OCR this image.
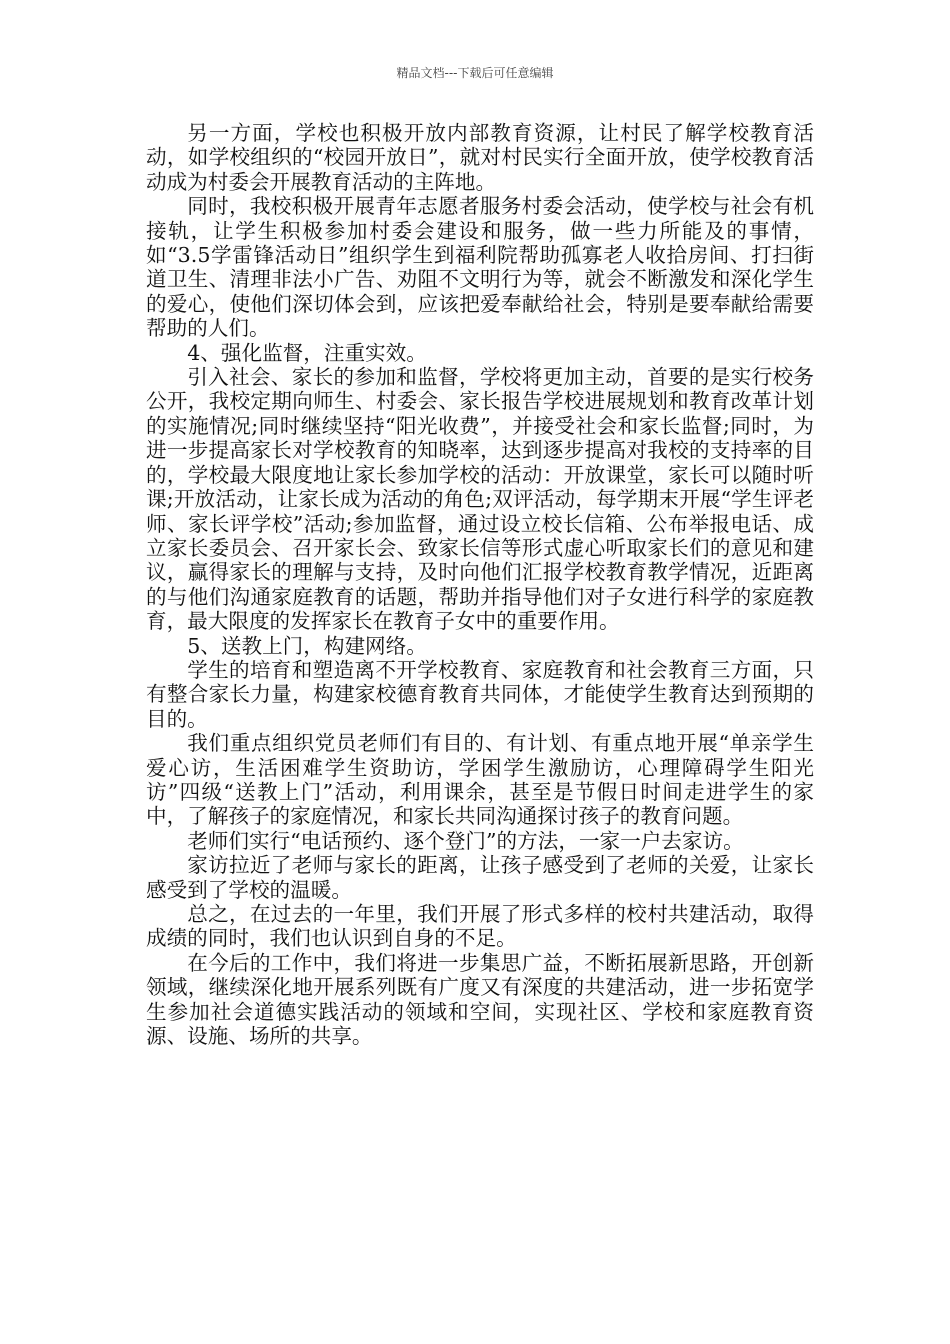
精品文档---下载后可任意编辑

另一方面，学校也积极开放内部教育资源，让村民了解学校教育活动，如学校组织的“校园开放日”，就对村民实行全面开放，使学校教育活动成为村委会开展教育活动的主阵地。

同时，我校积极开展青年志愿者服务村委会活动，使学校与社会有机接轨，让学生积极参加村委会建设和服务，做一些力所能及的事情，如“3.5学雷锋活动日”组织学生到福利院帮助孤寡老人收拾房间、打扫街道卫生、清理非法小广告、劝阻不文明行为等，就会不断激发和深化学生的爱心，使他们深切体会到，应该把爱奉献给社会，特别是要奉献给需要帮助的人们。

4、强化监督，注重实效。

引入社会、家长的参加和监督，学校将更加主动，首要的是实行校务公开，我校定期向师生、村委会、家长报告学校进展规划和教育改革计划的实施情况;同时继续坚持“阳光收费”，并接受社会和家长监督;同时，为进一步提高家长对学校教育的知晓率，达到逐步提高对我校的支持率的目的，学校最大限度地让家长参加学校的活动：开放课堂，家长可以随时听课;开放活动，让家长成为活动的角色;双评活动，每学期末开展“学生评老师、家长评学校”活动;参加监督，通过设立校长信箱、公布举报电话、成立家长委员会、召开家长会、致家长信等形式虚心听取家长们的意见和建议，赢得家长的理解与支持，及时向他们汇报学校教育教学情况，近距离的与他们沟通家庭教育的话题，帮助并指导他们对子女进行科学的家庭教育，最大限度的发挥家长在教育子女中的重要作用。

5、送教上门，构建网络。

学生的培育和塑造离不开学校教育、家庭教育和社会教育三方面，只有整合家长力量，构建家校德育教育共同体，才能使学生教育达到预期的目的。

我们重点组织党员老师们有目的、有计划、有重点地开展“单亲学生爱心访，生活困难学生资助访，学困学生激励访，心理障碍学生阳光访”四级“送教上门”活动，利用课余，甚至是节假日时间走进学生的家中，了解孩子的家庭情况，和家长共同沟通探讨孩子的教育问题。

老师们实行“电话预约、逐个登门”的方法，一家一户去家访。

家访拉近了老师与家长的距离，让孩子感受到了老师的关爱，让家长感受到了学校的温暖。

总之，在过去的一年里，我们开展了形式多样的校村共建活动，取得成绩的同时，我们也认识到自身的不足。

在今后的工作中，我们将进一步集思广益，不断拓展新思路，开创新领域，继续深化地开展系列既有广度又有深度的共建活动，进一步拓宽学生参加社会道德实践活动的领域和空间，实现社区、学校和家庭教育资源、设施、场所的共享。
